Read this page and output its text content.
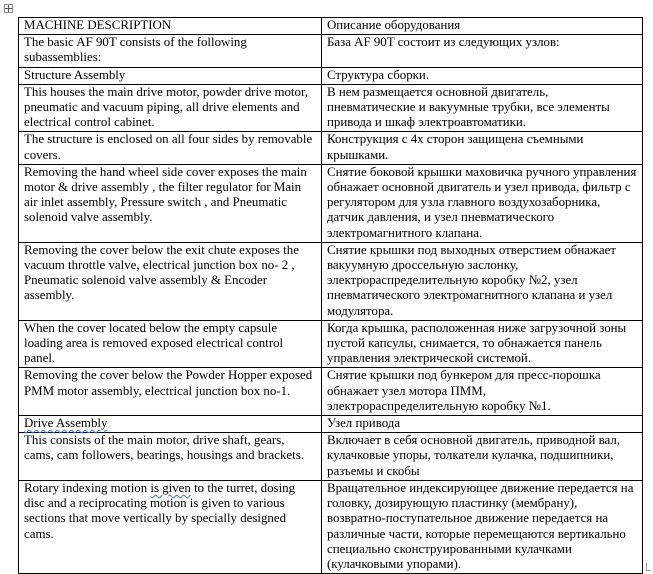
MACHINE DESCRIPTION	Описание оборудования
The basic AF 90T consists of the following subassemblies:	База AF 90T состоит из следующих узлов:
Structure Assembly	Структура сборки.
This houses the main drive motor, powder drive motor, pneumatic and vacuum piping, all drive elements and electrical control cabinet.	В нем размещается основной двигатель, пневматические и вакуумные трубки, все элементы привода и шкаф электроавтоматики.
The structure is enclosed on all four sides by removable covers.	Конструкция с 4х сторон защищена съемными крышками.
Removing the hand wheel side cover exposes the main motor & drive assembly , the filter regulator for Main air inlet assembly, Pressure switch , and Pneumatic solenoid valve assembly.	Снятие боковой крышки маховичка ручного управления обнажает основной двигатель и узел привода, фильтр с регулятором для узла главного воздухозаборника, датчик давления, и узел пневматического электромагнитного клапана.
Removing the cover below the exit chute exposes the vacuum throttle valve, electrical junction box no- 2 , Pneumatic solenoid valve assembly & Encoder assembly.	Снятие крышки под выходных отверстием обнажает вакуумную дроссельную заслонку, электрораспределительную коробку №2, узел пневматического электромагнитного клапана и узел модулятора.
When the cover located below the empty capsule loading area is removed exposed electrical control panel.	Когда крышка, расположенная ниже загрузочной зоны пустой капсулы, снимается, то обнажается панель управления электрической системой.
Removing the cover below the Powder Hopper exposed PMM motor assembly, electrical junction box no-1.	Снятие крышки под бункером для пресс-порошка обнажает узел мотора ПММ, электрораспределительную коробку №1.
Drive Assembly	Узел привода
This consists of the main motor, drive shaft, gears, cams, cam followers, bearings, housings and brackets.	Включает в себя основной двигатель, приводной вал, кулачковые упоры, толкатели кулачка, подшипники, разъемы и скобы
Rotary indexing motion is given to the turret, dosing disc and a reciprocating motion is given to various sections that move vertically by specially designed cams.	Вращательное индексирующее движение передается на головку, дозирующую пластинку (мембрану), возвратно-поступательное движение передается на различные части, которые перемещаются вертикально специально сконструированными кулачками (кулачковыми упорами).
